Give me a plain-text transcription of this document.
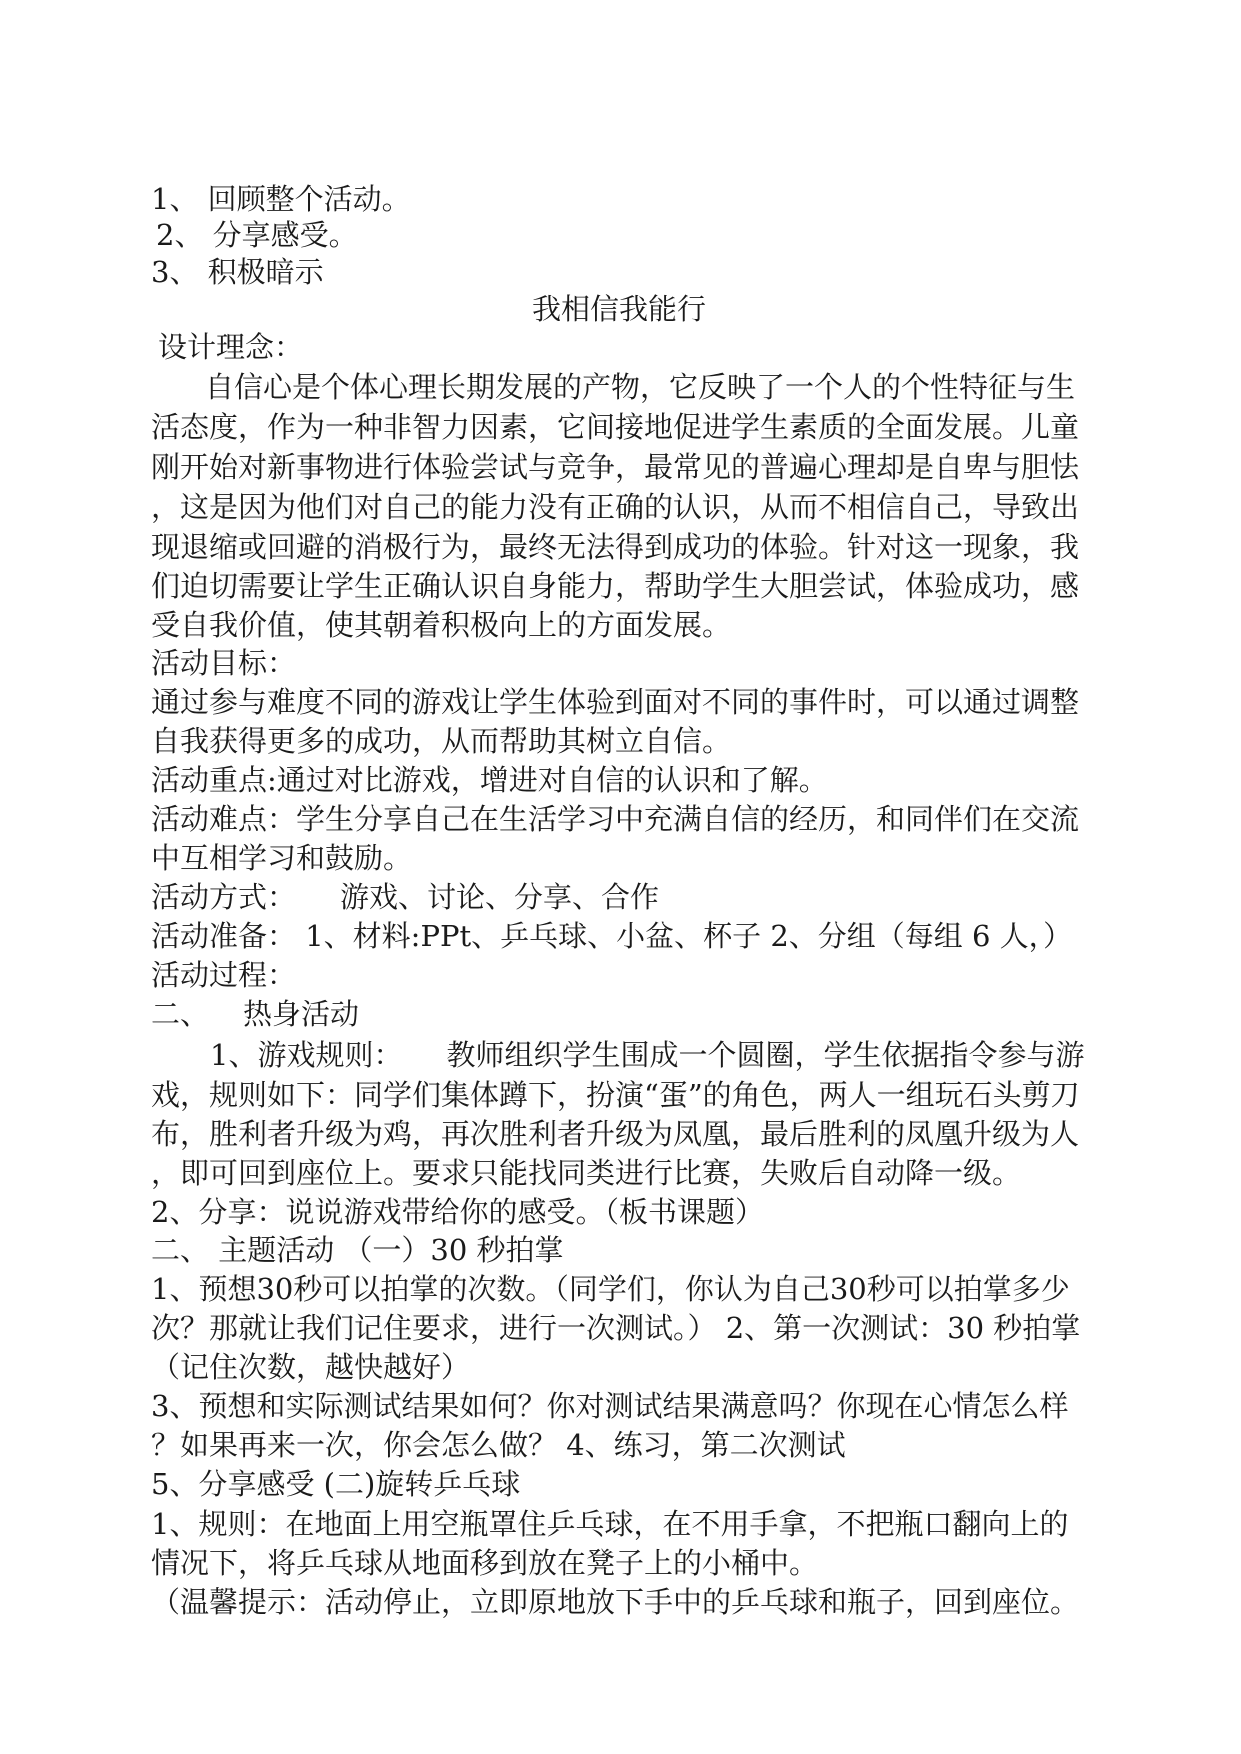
1、 回顾整个活动。
2、 分享感受。
3、 积极暗示
我相信我能行
设计理念：
自信心是个体心理长期发展的产物，它反映了一个人的个性特征与生
活态度，作为一种非智力因素，它间接地促进学生素质的全面发展。儿童
刚开始对新事物进行体验尝试与竞争，最常见的普遍心理却是自卑与胆怯
，这是因为他们对自己的能力没有正确的认识，从而不相信自己，导致出
现退缩或回避的消极行为，最终无法得到成功的体验。针对这一现象，我
们迫切需要让学生正确认识自身能力，帮助学生大胆尝试，体验成功，感
受自我价值，使其朝着积极向上的方面发展。
活动目标：
通过参与难度不同的游戏让学生体验到面对不同的事件时，可以通过调整
自我获得更多的成功，从而帮助其树立自信。
活动重点:通过对比游戏，增进对自信的认识和了解。
活动难点：学生分享自己在生活学习中充满自信的经历，和同伴们在交流
中互相学习和鼓励。
活动方式： 游戏、讨论、分享、合作
活动准备： 1、材料:PPt、乒乓球、小盆、杯子 2、分组（每组 6 人，）
活动过程：
二、 热身活动
1、游戏规则： 教师组织学生围成一个圆圈，学生依据指令参与游
戏，规则如下：同学们集体蹲下，扮演“蛋”的角色，两人一组玩石头剪刀
布，胜利者升级为鸡，再次胜利者升级为凤凰，最后胜利的凤凰升级为人
，即可回到座位上。要求只能找同类进行比赛，失败后自动降一级。
2、分享：说说游戏带给你的感受。（板书课题）
二、 主题活动 （一）30 秒拍掌
1、预想30秒可以拍掌的次数。（同学们，你认为自己30秒可以拍掌多少
次？那就让我们记住要求，进行一次测试。） 2、第一次测试：30 秒拍掌
（记住次数，越快越好）
3、预想和实际测试结果如何？你对测试结果满意吗？你现在心情怎么样
？如果再来一次，你会怎么做？ 4、练习，第二次测试
5、分享感受 (二)旋转乒乓球
1、规则：在地面上用空瓶罩住乒乓球，在不用手拿，不把瓶口翻向上的
情况下，将乒乓球从地面移到放在凳子上的小桶中。
（温馨提示：活动停止，立即原地放下手中的乒乓球和瓶子，回到座位。
